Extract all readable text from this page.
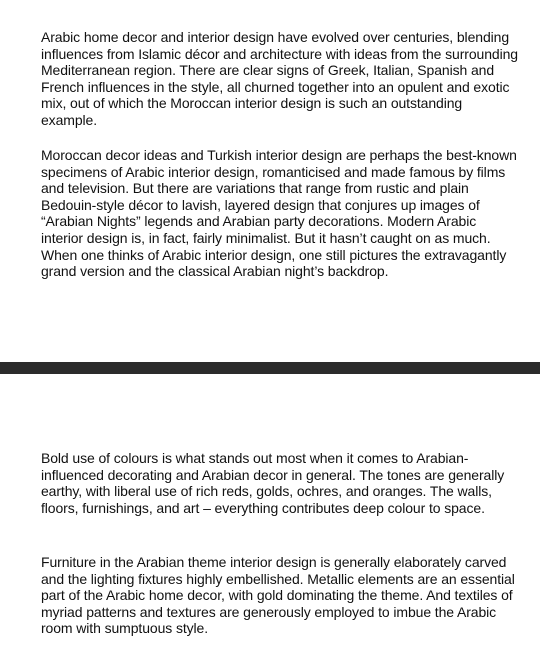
Arabic home decor and interior design have evolved over centuries, blending influences from Islamic décor and architecture with ideas from the surrounding Mediterranean region. There are clear signs of Greek, Italian, Spanish and French influences in the style, all churned together into an opulent and exotic mix, out of which the Moroccan interior design is such an outstanding example.

Moroccan decor ideas and Turkish interior design are perhaps the best-known specimens of Arabic interior design, romanticised and made famous by films and television. But there are variations that range from rustic and plain Bedouin-style décor to lavish, layered design that conjures up images of “Arabian Nights” legends and Arabian party decorations. Modern Arabic interior design is, in fact, fairly minimalist. But it hasn’t caught on as much. When one thinks of Arabic interior design, one still pictures the extravagantly grand version and the classical Arabian night’s backdrop.

Bold use of colours is what stands out most when it comes to Arabian-influenced decorating and Arabian decor in general. The tones are generally earthy, with liberal use of rich reds, golds, ochres, and oranges. The walls, floors, furnishings, and art – everything contributes deep colour to space.

Furniture in the Arabian theme interior design is generally elaborately carved and the lighting fixtures highly embellished. Metallic elements are an essential part of the Arabic home decor, with gold dominating the theme. And textiles of myriad patterns and textures are generously employed to imbue the Arabic room with sumptuous style.
